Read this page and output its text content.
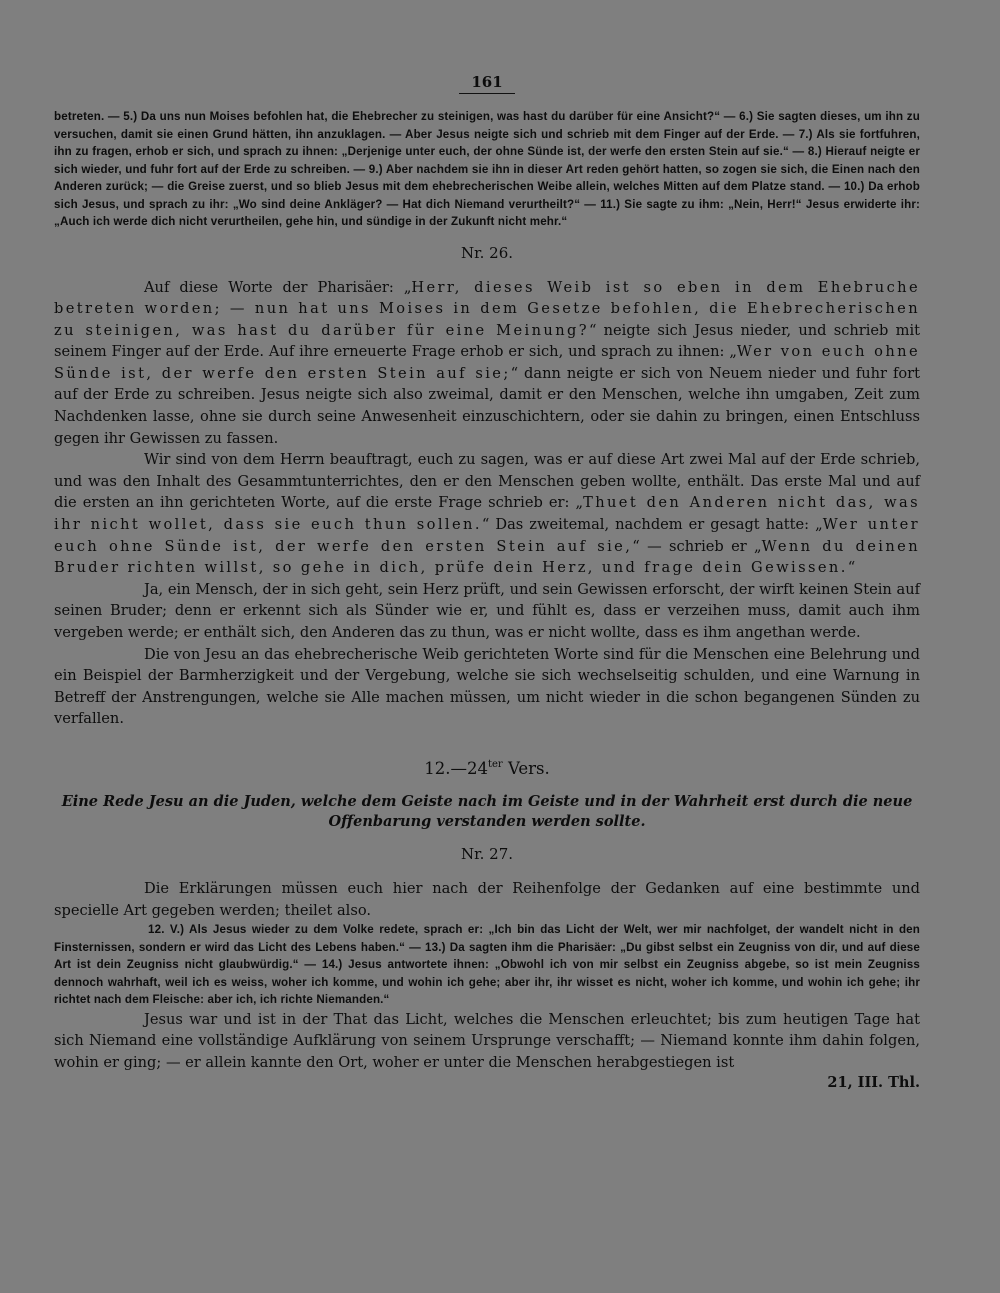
161

betreten. — 5.) Da uns nun Moises befohlen hat, die Ehebrecher zu steinigen, was hast du darüber für eine Ansicht?“ — 6.) Sie sagten dieses, um ihn zu versuchen, damit sie einen Grund hätten, ihn anzuklagen. — Aber Jesus neigte sich und schrieb mit dem Finger auf der Erde. — 7.) Als sie fortfuhren, ihn zu fragen, erhob er sich, und sprach zu ihnen: „Derjenige unter euch, der ohne Sünde ist, der werfe den ersten Stein auf sie.“ — 8.) Hierauf neigte er sich wieder, und fuhr fort auf der Erde zu schreiben. — 9.) Aber nachdem sie ihn in dieser Art reden gehört hatten, so zogen sie sich, die Einen nach den Anderen zurück; — die Greise zuerst, und so blieb Jesus mit dem ehebrecherischen Weibe allein, welches Mitten auf dem Platze stand. — 10.) Da erhob sich Jesus, und sprach zu ihr: „Wo sind deine Ankläger? — Hat dich Niemand verurtheilt?“ — 11.) Sie sagte zu ihm: „Nein, Herr!“ Jesus erwiderte ihr: „Auch ich werde dich nicht verurtheilen, gehe hin, und sündige in der Zukunft nicht mehr.“

Nr. 26.

Auf diese Worte der Pharisäer: „Herr, dieses Weib ist so eben in dem Ehebruche betreten worden; — nun hat uns Moises in dem Gesetze befohlen, die Ehebrecherischen zu steinigen, was hast du darüber für eine Meinung?“ neigte sich Jesus nieder, und schrieb mit seinem Finger auf der Erde. Auf ihre erneuerte Frage erhob er sich, und sprach zu ihnen: „Wer von euch ohne Sünde ist, der werfe den ersten Stein auf sie;“ dann neigte er sich von Neuem nieder und fuhr fort auf der Erde zu schreiben. Jesus neigte sich also zweimal, damit er den Menschen, welche ihn umgaben, Zeit zum Nachdenken lasse, ohne sie durch seine Anwesenheit einzuschichtern, oder sie dahin zu bringen, einen Entschluss gegen ihr Gewissen zu fassen.

Wir sind von dem Herrn beauftragt, euch zu sagen, was er auf diese Art zwei Mal auf der Erde schrieb, und was den Inhalt des Gesammtunterrichtes, den er den Menschen geben wollte, enthält. Das erste Mal und auf die ersten an ihn gerichteten Worte, auf die erste Frage schrieb er: „Thuet den Anderen nicht das, was ihr nicht wollet, dass sie euch thun sollen.“ Das zweitemal, nachdem er gesagt hatte: „Wer unter euch ohne Sünde ist, der werfe den ersten Stein auf sie,“ — schrieb er „Wenn du deinen Bruder richten willst, so gehe in dich, prüfe dein Herz, und frage dein Gewissen.“

Ja, ein Mensch, der in sich geht, sein Herz prüft, und sein Gewissen erforscht, der wirft keinen Stein auf seinen Bruder; denn er erkennt sich als Sünder wie er, und fühlt es, dass er verzeihen muss, damit auch ihm vergeben werde; er enthält sich, den Anderen das zu thun, was er nicht wollte, dass es ihm angethan werde.

Die von Jesu an das ehebrecherische Weib gerichteten Worte sind für die Menschen eine Belehrung und ein Beispiel der Barmherzigkeit und der Vergebung, welche sie sich wechselseitig schulden, und eine Warnung in Betreff der Anstrengungen, welche sie Alle machen müssen, um nicht wieder in die schon begangenen Sünden zu verfallen.

$12.—24^{ter}$ Vers.
Eine Rede Jesu an die Juden, welche dem Geiste nach im Geiste und in der Wahrheit erst durch die neue Offenbarung verstanden werden sollte.
Nr. 27.

Die Erklärungen müssen euch hier nach der Reihenfolge der Gedanken auf eine bestimmte und specielle Art gegeben werden; theilet also.

12. V.) Als Jesus wieder zu dem Volke redete, sprach er: „Ich bin das Licht der Welt, wer mir nachfolget, der wandelt nicht in den Finsternissen, sondern er wird das Licht des Lebens haben.“ — 13.) Da sagten ihm die Pharisäer: „Du gibst selbst ein Zeugniss von dir, und auf diese Art ist dein Zeugniss nicht glaubwürdig.“ — 14.) Jesus antwortete ihnen: „Obwohl ich von mir selbst ein Zeugniss abgebe, so ist mein Zeugniss dennoch wahrhaft, weil ich es weiss, woher ich komme, und wohin ich gehe; aber ihr, ihr wisset es nicht, woher ich komme, und wohin ich gehe; ihr richtet nach dem Fleische: aber ich, ich richte Niemanden.“

Jesus war und ist in der That das Licht, welches die Menschen erleuchtet; bis zum heutigen Tage hat sich Niemand eine vollständige Aufklärung von seinem Ursprunge verschafft; — Niemand konnte ihm dahin folgen, wohin er ging; — er allein kannte den Ort, woher er unter die Menschen herabgestiegen ist

21, III. Thl.
